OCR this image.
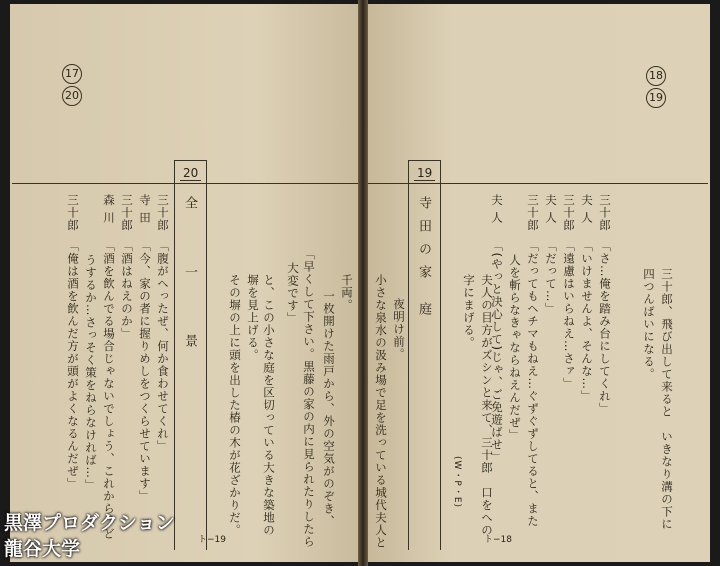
17
20
20
全 一 景	千両。
一枚開けた雨戸から、外の空気がのぞき、
「早くして下さい。黒藤の家の内に見られたりしたら
大変です」
と、この小さな庭を区切っている大きな築地の
塀を見上げる。
その塀の上に頭を出した椿の木が花ざかりだ。
三十郎
「腹がへったぜ、何か食わせてくれ」
寺 田
「今、家の者に握りめしをつくらせています」
三十郎
「酒はねえのか」
森 川
「酒を飲んでる場合じゃないでしょう、これから、ど
うするか…さっそく策をねらなければ…」
三十郎
「俺は酒を飲んだ方が頭がよくなるんだぜ」
ト−19
18
19
19
寺田の家 庭
夜明け前。
小さな泉水の汲み場で足を洗っている城代夫人と
三十郎
「さ…俺を踏み台にしてくれ」
夫 人
「いけませんよ、そんな…」
三十郎
「遠慮はいらねえ…さァ」
夫 人
「だって…」
三十郎
「だってもヘチマもねえ…ぐずぐずしてると、また
人を斬らなきゃならねえんだぜ」
夫 人
「(やっと決心して)じゃ、ご免遊ばせ」	三十郎、飛び出して来ると　いきなり溝の下に
四つんばいになる。
夫人の目方がズシンと来て、三十郎　口をへの
字にまげる。
(W・P・E)
ト−18
黒澤プロダクション
龍谷大学
